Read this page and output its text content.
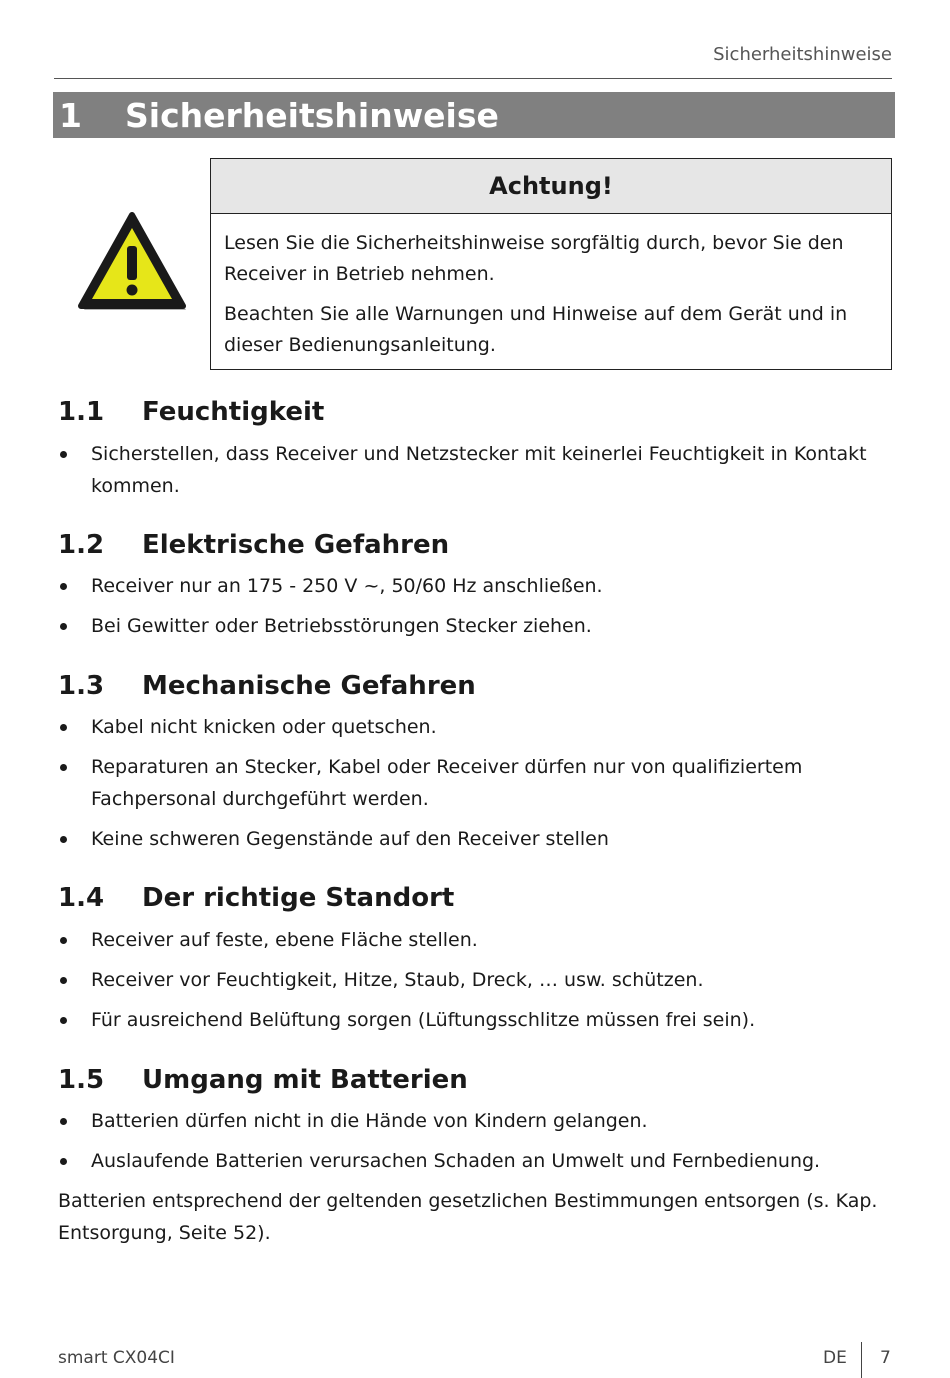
Sicherheitshinweise
1 Sicherheitshinweise
Achtung!

Lesen Sie die Sicherheitshinweise sorgfältig durch, bevor Sie den Receiver in Betrieb nehmen.

Beachten Sie alle Warnungen und Hinweise auf dem Gerät und in dieser Bedienungsanleitung.

1.1 Feuchtigkeit
Sicherstellen, dass Receiver und Netzstecker mit keinerlei Feuchtigkeit in Kontakt kommen.
1.2 Elektrische Gefahren
Receiver nur an 175 - 250 V ~, 50/60 Hz anschließen.
Bei Gewitter oder Betriebsstörungen Stecker ziehen.
1.3 Mechanische Gefahren
Kabel nicht knicken oder quetschen.
Reparaturen an Stecker, Kabel oder Receiver dürfen nur von qualifiziertem Fachpersonal durchgeführt werden.
Keine schweren Gegenstände auf den Receiver stellen
1.4 Der richtige Standort
Receiver auf feste, ebene Fläche stellen.
Receiver vor Feuchtigkeit, Hitze, Staub, Dreck, … usw. schützen.
Für ausreichend Belüftung sorgen (Lüftungsschlitze müssen frei sein).
1.5 Umgang mit Batterien
Batterien dürfen nicht in die Hände von Kindern gelangen.
Auslaufende Batterien verursachen Schaden an Umwelt und Fernbedienung.

Batterien entsprechend der geltenden gesetzlichen Bestimmungen entsorgen (s. Kap. Entsorgung, Seite 52).

smart CX04CI	DE 7
